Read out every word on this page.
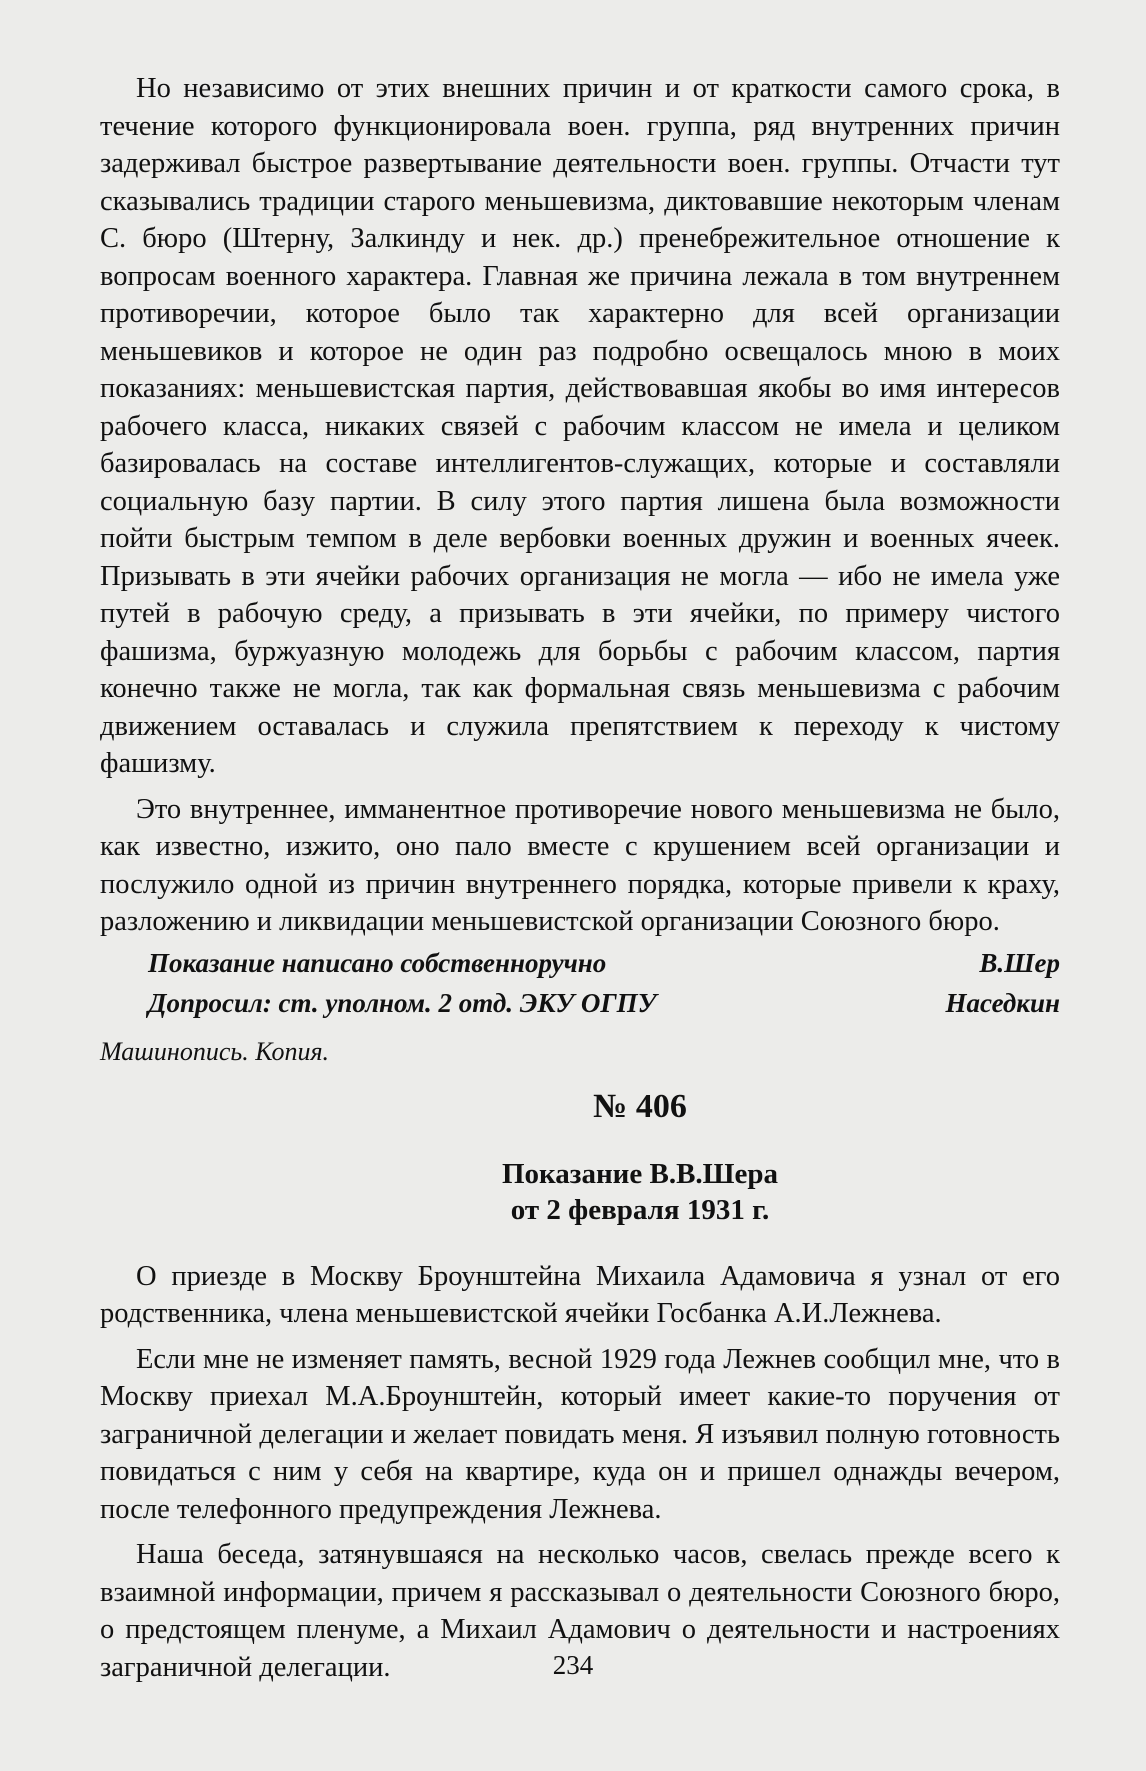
Но независимо от этих внешних причин и от краткости самого срока, в течение которого функционировала воен. группа, ряд внутренних причин задерживал быстрое развертывание деятельности воен. группы. Отчасти тут сказывались традиции старого меньшевизма, диктовавшие некоторым членам С. бюро (Штерну, Залкинду и нек. др.) пренебрежительное отношение к вопросам военного характера. Главная же причина лежала в том внутреннем противоречии, которое было так характерно для всей организации меньшевиков и которое не один раз подробно освещалось мною в моих показаниях: меньшевистская партия, действовавшая якобы во имя интересов рабочего класса, никаких связей с рабочим классом не имела и целиком базировалась на составе интеллигентов-служащих, которые и составляли социальную базу партии. В силу этого партия лишена была возможности пойти быстрым темпом в деле вербовки военных дружин и военных ячеек. Призывать в эти ячейки рабочих организация не могла — ибо не имела уже путей в рабочую среду, а призывать в эти ячейки, по примеру чистого фашизма, буржуазную молодежь для борьбы с рабочим классом, партия конечно также не могла, так как формальная связь меньшевизма с рабочим движением оставалась и служила препятствием к переходу к чистому фашизму.

Это внутреннее, имманентное противоречие нового меньшевизма не было, как известно, изжито, оно пало вместе с крушением всей организации и послужило одной из причин внутреннего порядка, которые привели к краху, разложению и ликвидации меньшевистской организации Союзного бюро.

Показание написано собственноручно	В.Шер
Допросил: ст. уполном. 2 отд. ЭКУ ОГПУ	Наседкин
Машинопись. Копия.
№ 406
Показание В.В.Шера
от 2 февраля 1931 г.

О приезде в Москву Броунштейна Михаила Адамовича я узнал от его родственника, члена меньшевистской ячейки Госбанка А.И.Лежнева.

Если мне не изменяет память, весной 1929 года Лежнев сообщил мне, что в Москву приехал М.А.Броунштейн, который имеет какие-то поручения от заграничной делегации и желает повидать меня. Я изъявил полную готовность повидаться с ним у себя на квартире, куда он и пришел однажды вечером, после телефонного предупреждения Лежнева.

Наша беседа, затянувшаяся на несколько часов, свелась прежде всего к взаимной информации, причем я рассказывал о деятельности Союзного бюро, о предстоящем пленуме, а Михаил Адамович о деятельности и настроениях заграничной делегации.	234
